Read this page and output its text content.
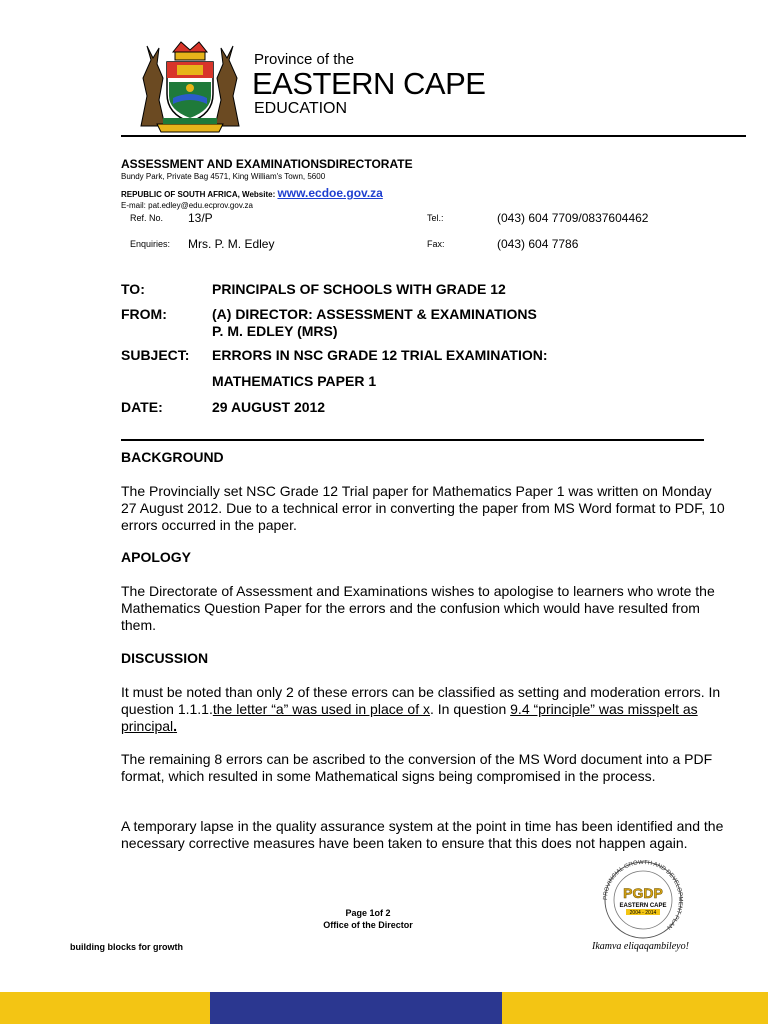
Province of the
EASTERN CAPE
EDUCATION
ASSESSMENT AND EXAMINATIONSDIRECTORATE
Bundy Park, Private Bag 4571, King William's Town, 5600
REPUBLIC OF SOUTH AFRICA, Website: www.ecdoe.gov.za
E-mail: pat.edley@edu.ecprov.gov.za
Ref. No. 13/P	Tel.:	(043) 604 7709/0837604462
Enquiries: Mrs. P. M. Edley	Fax:	(043) 604 7786
TO:	PRINCIPALS OF SCHOOLS WITH GRADE 12
FROM:	(A) DIRECTOR: ASSESSMENT & EXAMINATIONS
P. M. EDLEY (MRS)
SUBJECT: ERRORS IN NSC GRADE 12 TRIAL EXAMINATION:
MATHEMATICS PAPER 1
DATE:	29 AUGUST 2012
BACKGROUND
The Provincially set NSC Grade 12 Trial paper for Mathematics Paper 1 was written on Monday 27 August 2012. Due to a technical error in converting the paper from MS Word format to PDF, 10 errors occurred in the paper.
APOLOGY
The Directorate of Assessment and Examinations wishes to apologise to learners who wrote the Mathematics Question Paper for the errors and the confusion which would have resulted from them.
DISCUSSION
It must be noted than only 2 of these errors can be classified as setting and moderation errors. In question 1.1.1.the letter “a” was used in place of x. In question 9.4 “principle” was misspelt as principal.
The remaining 8 errors can be ascribed to the conversion of the MS Word document into a PDF format, which resulted in some Mathematical signs being compromised in the process.
A temporary lapse in the quality assurance system at the point in time has been identified and the necessary corrective measures have been taken to ensure that this does not happen again.
Page 1of 2
Office of the Director
building blocks for growth
PROVINCIAL GROWTH AND DEVELOPMENT PLAN
PGDP
EASTERN CAPE
2004 - 2014
Ikamva eliqaqambileyo!
